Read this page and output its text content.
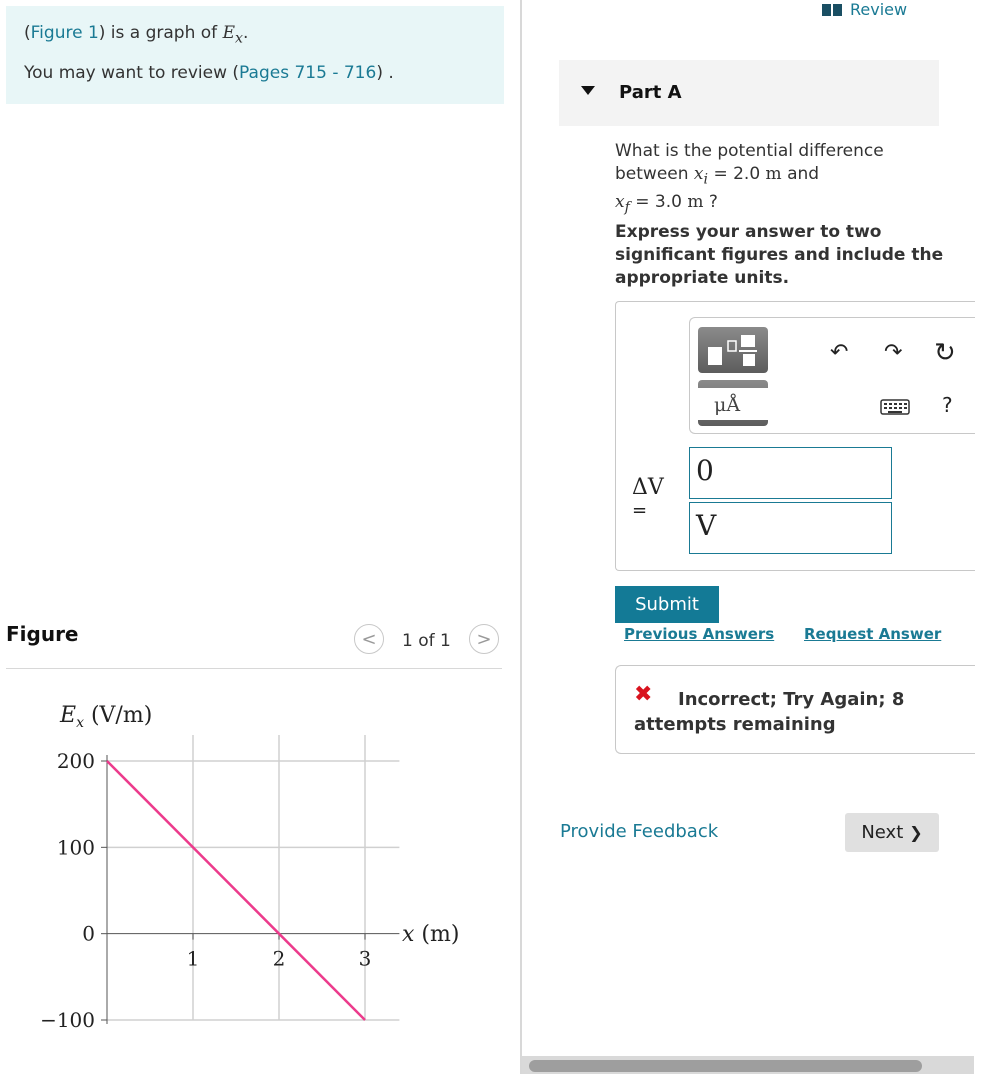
(Figure 1) is a graph of $E_x$.

You may want to review (Pages 715 - 716) .

Figure	< 1 of 1 >
$E_x$ (V/m)
200
100
0
−100
1	2	3
x (m)
Review
Part A
What is the potential difference between $x_i = 2.0$ m and
$x_f = 3.0$ m ?
Express your answer to two significant figures and include the appropriate units.
μÅ
↶ ↷ ↻
?
ΔV
=
0
V
Submit
Previous Answers Request Answer
✖	Incorrect; Try Again; 8 attempts remaining
Provide Feedback	Next ❯
